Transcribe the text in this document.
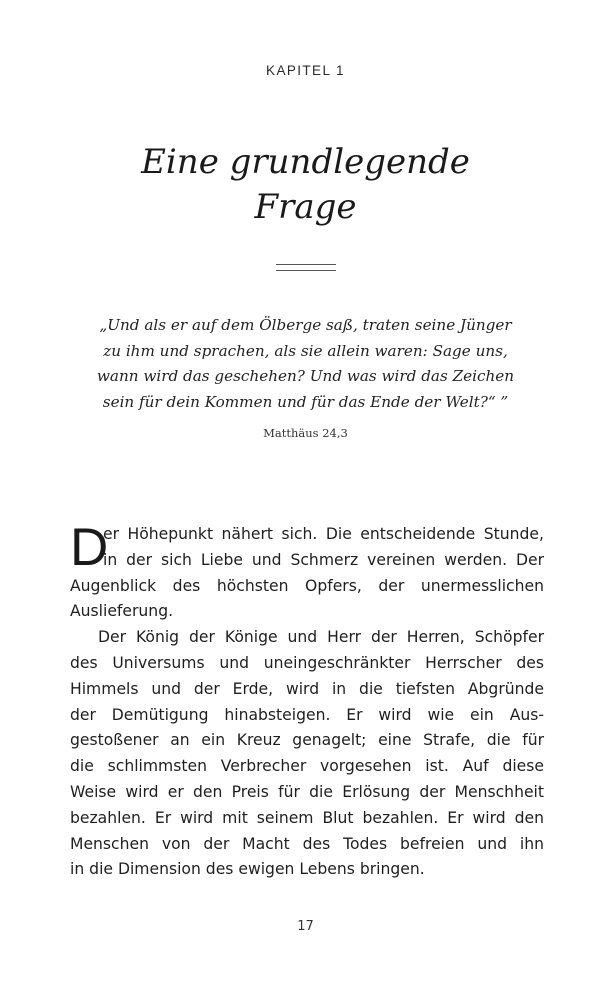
KAPITEL 1
Eine grundlegende
Frage
„Und als er auf dem Ölberge saß, traten seine Jünger
zu ihm und sprachen, als sie allein waren: Sage uns,
wann wird das geschehen? Und was wird das Zeichen
sein für dein Kommen und für das Ende der Welt?“ ”
Matthäus 24,3
D
er Höhepunkt nähert sich. Die entscheidende Stunde,
in der sich Liebe und Schmerz vereinen werden. Der
Augenblick des höchsten Opfers, der unermesslichen
Auslieferung.
Der König der Könige und Herr der Herren, Schöpfer
des Universums und uneingeschränkter Herrscher des
Himmels und der Erde, wird in die tiefsten Abgründe
der Demütigung hinabsteigen. Er wird wie ein Aus-
gestoßener an ein Kreuz genagelt; eine Strafe, die für
die schlimmsten Verbrecher vorgesehen ist. Auf diese
Weise wird er den Preis für die Erlösung der Menschheit
bezahlen. Er wird mit seinem Blut bezahlen. Er wird den
Menschen von der Macht des Todes befreien und ihn
in die Dimension des ewigen Lebens bringen.
17
